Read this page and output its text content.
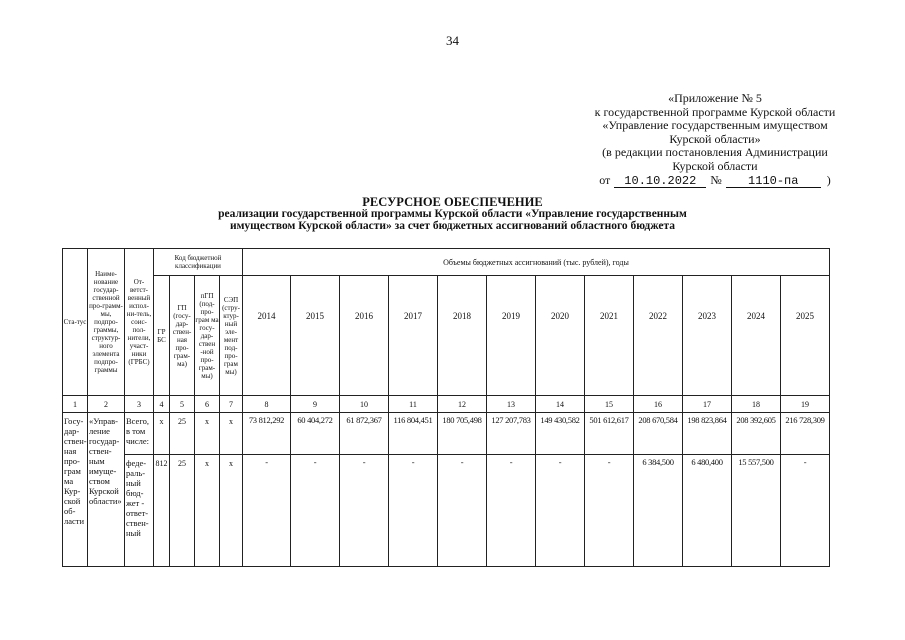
34
«Приложение № 5
к государственной программе Курской области
«Управление государственным имуществом
Курской области»
(в редакции постановления Администрации
Курской области
от	10.10.2022	№	1110-па	)
РЕСУРСНОЕ ОБЕСПЕЧЕНИЕ
реализации государственной программы Курской области «Управление государственным
имуществом Курской области» за счет бюджетных ассигнований областного бюджета
Ста-тус	Наиме-нование государ-ственной про-грамм-мы, подпро-граммы, структур-ного элемента подпро-граммы	От-ветст-венный испол-ни-тель, соис-пол-нители, участ-ники (ГРБС)	Код бюджетной классификации				Объемы бюджетных ассигнований (тыс. рублей), годы											
			ГР БС	ГП (госу-дар-ствен-ная про-грам-ма)	пГП (под-про-грам ма госу-дар-ствен -ной про-грам-мы)	СЭП (стру-ктур-ный эле-мент под-про-грам мы)	2014	2015	2016	2017	2018	2019	2020	2021	2022	2023	2024	2025
1	2	3	4	5	6	7	8	9	10	11	12	13	14	15	16	17	18	19
Госу-дар-ствен-ная про-грам ма Кур-ской об-ласти	«Управ-ление государ-ствен-ным имуще-ством Курской области»	Всего, в том числе:	х	25	х	х	73 812,292	60 404,272	61 872,367	116 804,451	180 705,498	127 207,783	149 430,582	501 612,617	208 670,584	198 823,864	208 392,605	216 728,309
		феде-раль-ный бюд-жет - ответ-ствен-ный	812	25	х	х	-	-	-	-	-	-	-	-	6 384,500	6 480,400	15 557,500	-
